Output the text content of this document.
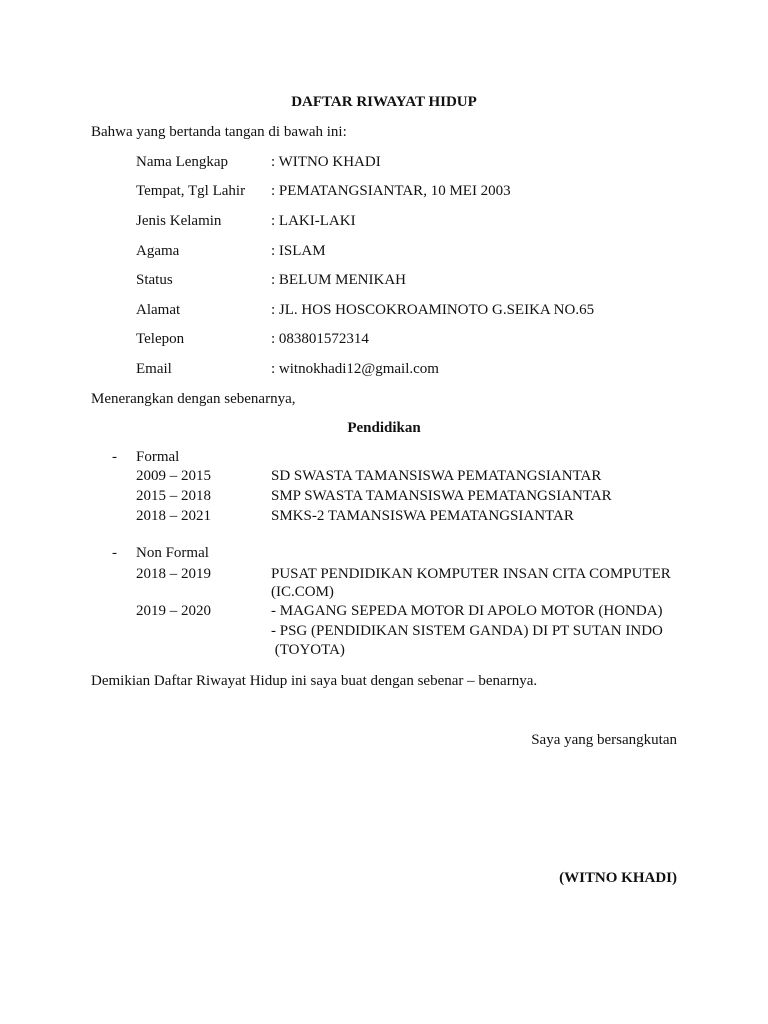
DAFTAR RIWAYAT HIDUP
Bahwa yang bertanda tangan di bawah ini:
Nama Lengkap	: WITNO KHADI
Tempat, Tgl Lahir : PEMATANGSIANTAR, 10 MEI 2003
Jenis Kelamin	: LAKI-LAKI
Agama	: ISLAM
Status	: BELUM MENIKAH
Alamat	: JL. HOS HOSCOKROAMINOTO G.SEIKA NO.65
Telepon	: 083801572314
Email	: witnokhadi12@gmail.com
Menerangkan dengan sebenarnya,
Pendidikan
- Formal
2009 – 2015	SD SWASTA TAMANSISWA PEMATANGSIANTAR
2015 – 2018	SMP SWASTA TAMANSISWA PEMATANGSIANTAR
2018 – 2021	SMKS-2 TAMANSISWA PEMATANGSIANTAR
- Non Formal
2018 – 2019	PUSAT PENDIDIKAN KOMPUTER INSAN CITA COMPUTER
(IC.COM)
2019 – 2020	- MAGANG SEPEDA MOTOR DI APOLO MOTOR (HONDA)
- PSG (PENDIDIKAN SISTEM GANDA) DI PT SUTAN INDO
(TOYOTA)
Demikian Daftar Riwayat Hidup ini saya buat dengan sebenar – benarnya.
Saya yang bersangkutan
(WITNO KHADI)
